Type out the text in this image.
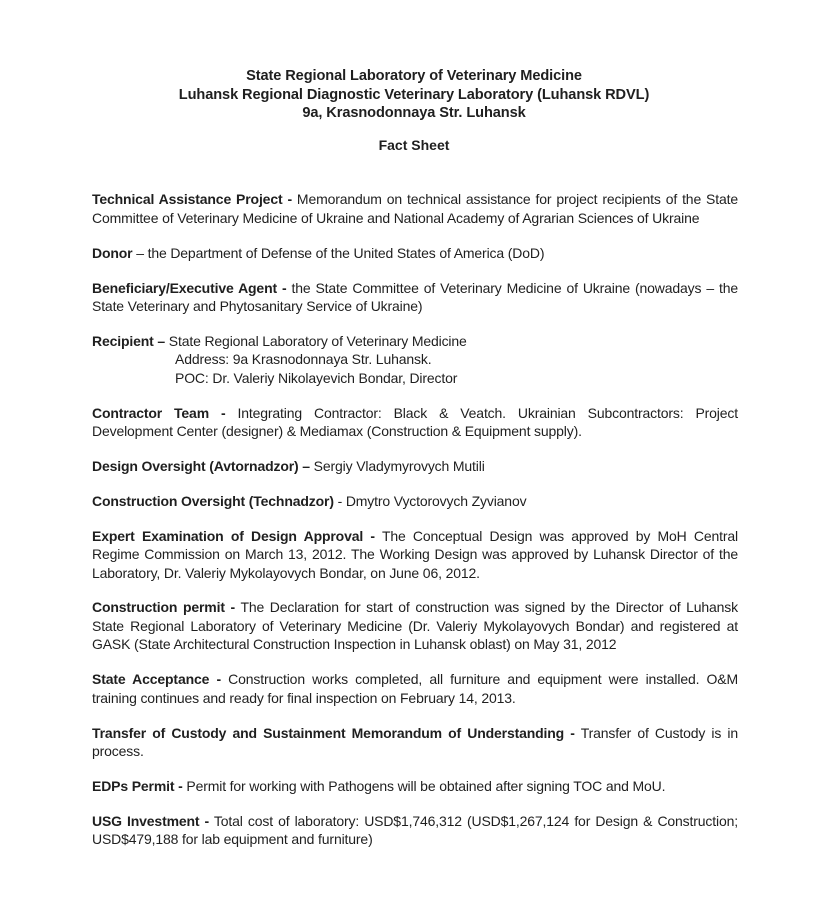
State Regional Laboratory of Veterinary Medicine
Luhansk Regional Diagnostic Veterinary Laboratory (Luhansk RDVL)
9a, Krasnodonnaya Str. Luhansk
Fact Sheet

Technical Assistance Project - Memorandum on technical assistance for project recipients of the State Committee of Veterinary Medicine of Ukraine and National Academy of Agrarian Sciences of Ukraine

Donor – the Department of Defense of the United States of America (DoD)

Beneficiary/Executive Agent - the State Committee of Veterinary Medicine of Ukraine (nowadays – the State Veterinary and Phytosanitary Service of Ukraine)

Recipient – State Regional Laboratory of Veterinary Medicine
Address: 9a Krasnodonnaya Str. Luhansk.
POC: Dr. Valeriy Nikolayevich Bondar, Director

Contractor Team - Integrating Contractor: Black & Veatch. Ukrainian Subcontractors: Project Development Center (designer) & Mediamax (Construction & Equipment supply).

Design Oversight (Avtornadzor) – Sergiy Vladymyrovych Mutili

Construction Oversight (Technadzor) - Dmytro Vyctorovych Zyvianov

Expert Examination of Design Approval - The Conceptual Design was approved by MoH Central Regime Commission on March 13, 2012. The Working Design was approved by Luhansk Director of the Laboratory, Dr. Valeriy Mykolayovych Bondar, on June 06, 2012.

Construction permit - The Declaration for start of construction was signed by the Director of Luhansk State Regional Laboratory of Veterinary Medicine (Dr. Valeriy Mykolayovych Bondar) and registered at GASK (State Architectural Construction Inspection in Luhansk oblast) on May 31, 2012

State Acceptance - Construction works completed, all furniture and equipment were installed. O&M training continues and ready for final inspection on February 14, 2013.

Transfer of Custody and Sustainment Memorandum of Understanding - Transfer of Custody is in process.

EDPs Permit - Permit for working with Pathogens will be obtained after signing TOC and MoU.

USG Investment - Total cost of laboratory: USD$1,746,312 (USD$1,267,124 for Design & Construction; USD$479,188 for lab equipment and furniture)
